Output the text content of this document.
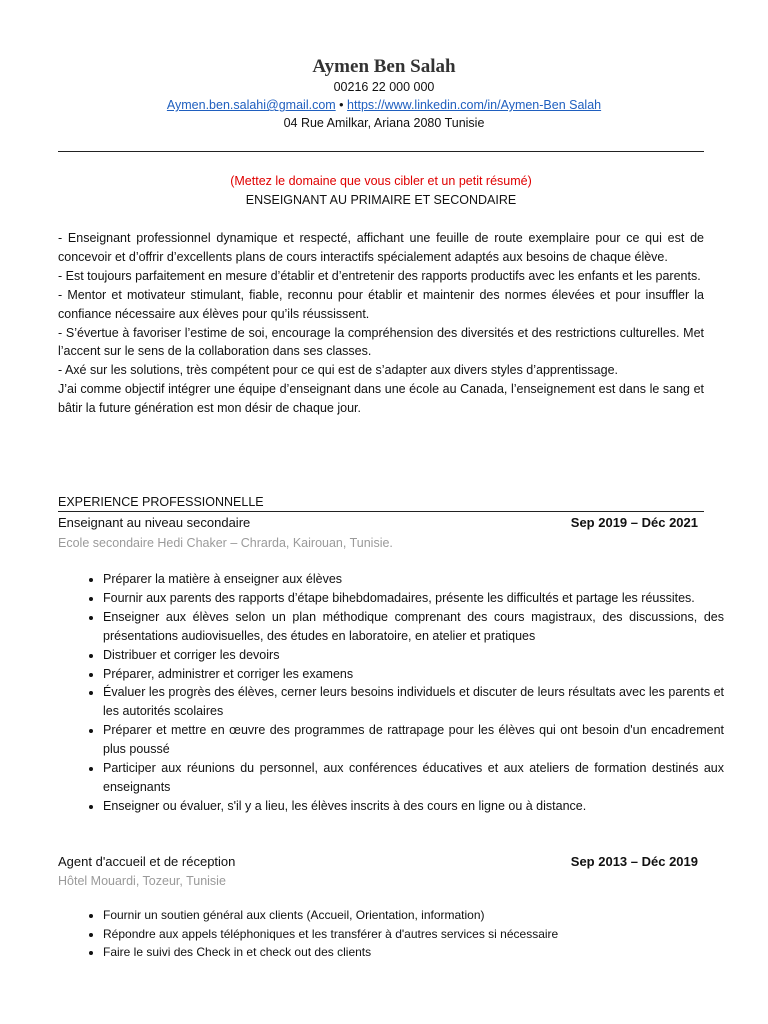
Aymen Ben Salah
00216 22 000 000
Aymen.ben.salahi@gmail.com • https://www.linkedin.com/in/Aymen-Ben Salah
04 Rue Amilkar, Ariana 2080 Tunisie
(Mettez le domaine que vous cibler et un petit résumé)
ENSEIGNANT AU PRIMAIRE ET SECONDAIRE

- Enseignant professionnel dynamique et respecté, affichant une feuille de route exemplaire pour ce qui est de concevoir et d’offrir d’excellents plans de cours interactifs spécialement adaptés aux besoins de chaque élève.

- Est toujours parfaitement en mesure d’établir et d’entretenir des rapports productifs avec les enfants et les parents.

- Mentor et motivateur stimulant, fiable, reconnu pour établir et maintenir des normes élevées et pour insuffler la confiance nécessaire aux élèves pour qu’ils réussissent.

- S’évertue à favoriser l’estime de soi, encourage la compréhension des diversités et des restrictions culturelles. Met l’accent sur le sens de la collaboration dans ses classes.

- Axé sur les solutions, très compétent pour ce qui est de s’adapter aux divers styles d’apprentissage.

J’ai comme objectif intégrer une équipe d’enseignant dans une école au Canada, l’enseignement est dans le sang et bâtir la future génération est mon désir de chaque jour.

EXPERIENCE PROFESSIONNELLE
Enseignant au niveau secondaire	Sep 2019 – Déc 2021
Ecole secondaire Hedi Chaker – Chrarda, Kairouan, Tunisie.
• Préparer la matière à enseigner aux élèves
• Fournir aux parents des rapports d’étape bihebdomadaires, présente les difficultés et partage les réussites.
• Enseigner aux élèves selon un plan méthodique comprenant des cours magistraux, des discussions, des présentations audiovisuelles, des études en laboratoire, en atelier et pratiques
• Distribuer et corriger les devoirs
• Préparer, administrer et corriger les examens
• Évaluer les progrès des élèves, cerner leurs besoins individuels et discuter de leurs résultats avec les parents et les autorités scolaires
• Préparer et mettre en œuvre des programmes de rattrapage pour les élèves qui ont besoin d'un encadrement plus poussé
• Participer aux réunions du personnel, aux conférences éducatives et aux ateliers de formation destinés aux enseignants
• Enseigner ou évaluer, s'il y a lieu, les élèves inscrits à des cours en ligne ou à distance.
Agent d'accueil et de réception	Sep 2013 – Déc 2019
Hôtel Mouardi, Tozeur, Tunisie
• Fournir un soutien général aux clients (Accueil, Orientation, information)
• Répondre aux appels téléphoniques et les transférer à d'autres services si nécessaire
• Faire le suivi des Check in et check out des clients
